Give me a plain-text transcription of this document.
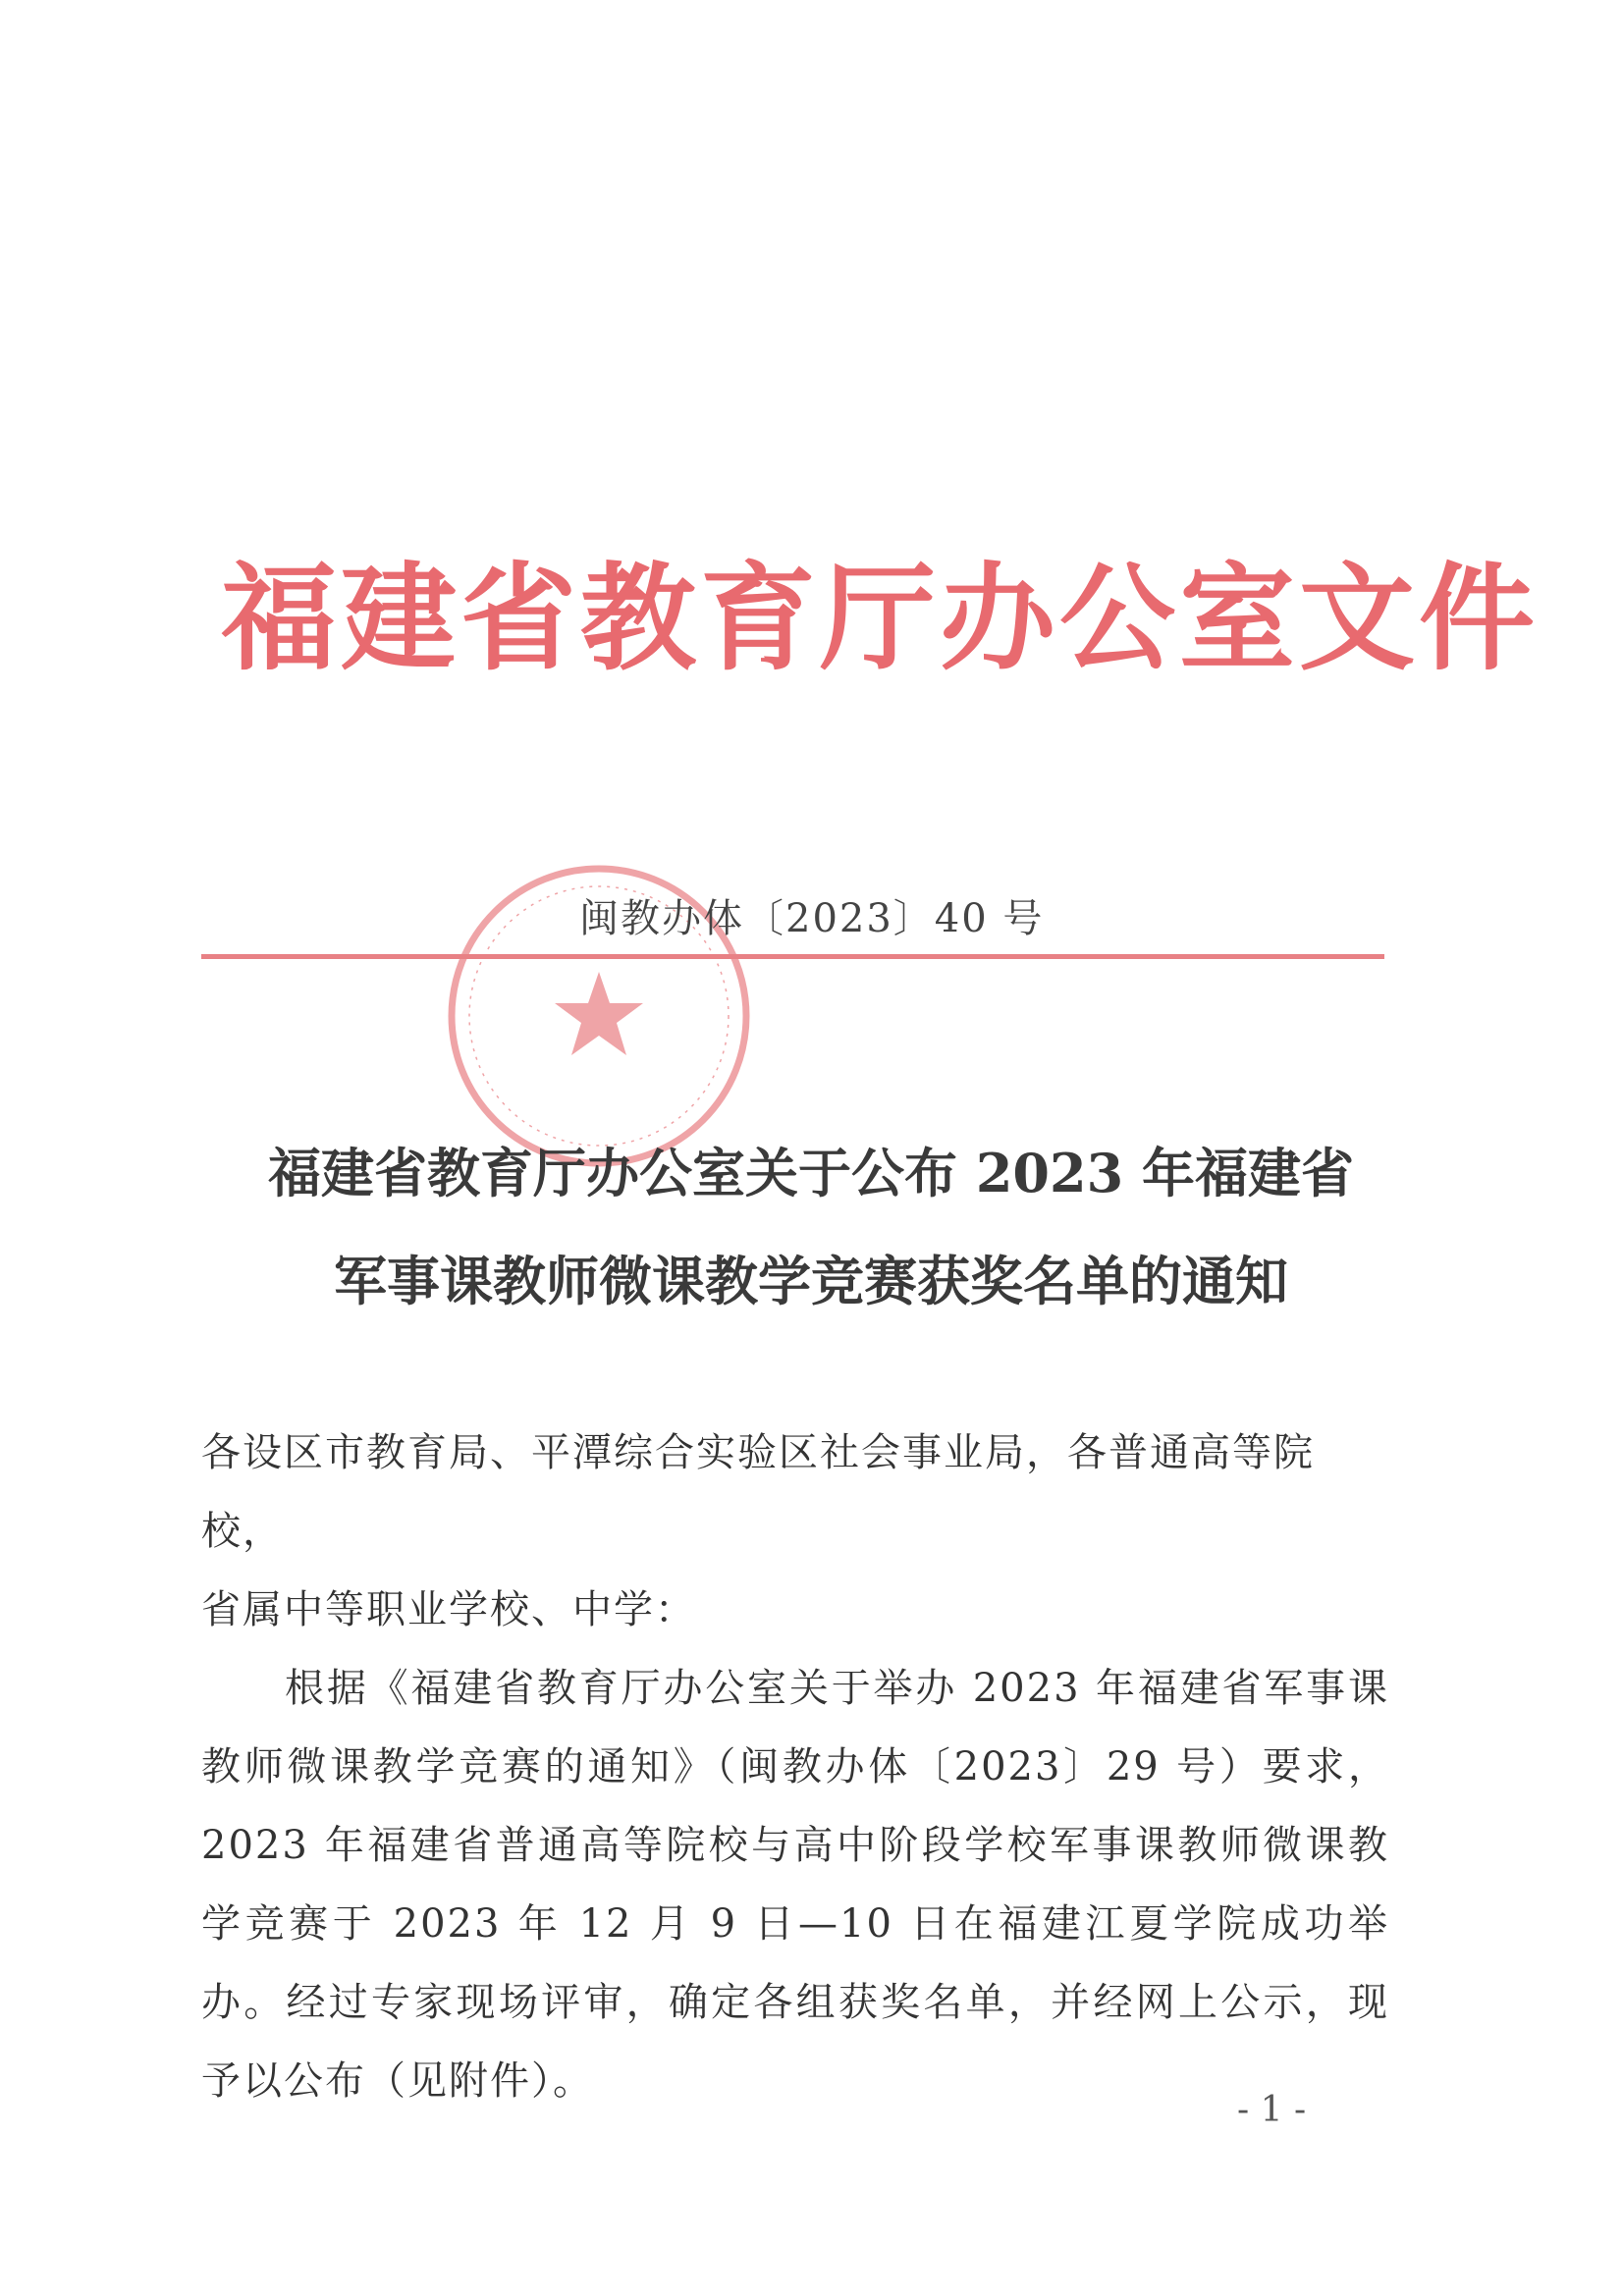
福建省教育厅办公室文件
闽教办体〔2023〕40 号
福建省教育厅办公室关于公布 2023 年福建省
军事课教师微课教学竞赛获奖名单的通知

各设区市教育局、平潭综合实验区社会事业局，各普通高等院校，

省属中等职业学校、中学：

根据《福建省教育厅办公室关于举办 2023 年福建省军事课教师微课教学竞赛的通知》（闽教办体〔2023〕29 号）要求，2023 年福建省普通高等院校与高中阶段学校军事课教师微课教学竞赛于 2023 年 12 月 9 日—10 日在福建江夏学院成功举办。经过专家现场评审，确定各组获奖名单，并经网上公示，现予以公布（见附件）。

- 1 -
